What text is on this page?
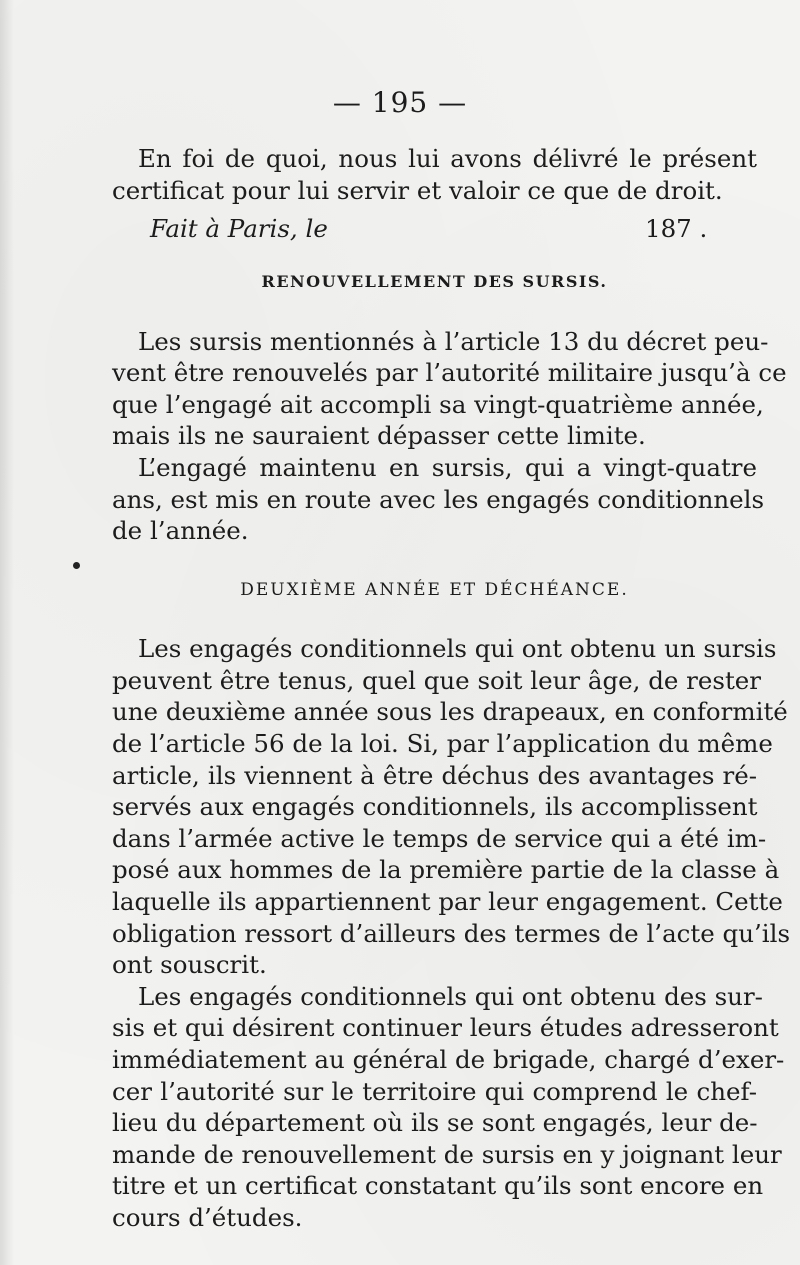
— 195 —
En foi de quoi, nous lui avons délivré le présent
certificat pour lui servir et valoir ce que de droit.
Fait à Paris, le	187 .
RENOUVELLEMENT DES SURSIS.
Les sursis mentionnés à l’article 13 du décret peu-
vent être renouvelés par l’autorité militaire jusqu’à ce
que l’engagé ait accompli sa vingt-quatrième année,
mais ils ne sauraient dépasser cette limite.
L’engagé maintenu en sursis, qui a vingt-quatre
ans, est mis en route avec les engagés conditionnels
de l’année.
DEUXIÈME ANNÉE ET DÉCHÉANCE.
Les engagés conditionnels qui ont obtenu un sursis
peuvent être tenus, quel que soit leur âge, de rester
une deuxième année sous les drapeaux, en conformité
de l’article 56 de la loi. Si, par l’application du même
article, ils viennent à être déchus des avantages ré-
servés aux engagés conditionnels, ils accomplissent
dans l’armée active le temps de service qui a été im-
posé aux hommes de la première partie de la classe à
laquelle ils appartiennent par leur engagement. Cette
obligation ressort d’ailleurs des termes de l’acte qu’ils
ont souscrit.
Les engagés conditionnels qui ont obtenu des sur-
sis et qui désirent continuer leurs études adresseront
immédiatement au général de brigade, chargé d’exer-
cer l’autorité sur le territoire qui comprend le chef-
lieu du département où ils se sont engagés, leur de-
mande de renouvellement de sursis en y joignant leur
titre et un certificat constatant qu’ils sont encore en
cours d’études.
